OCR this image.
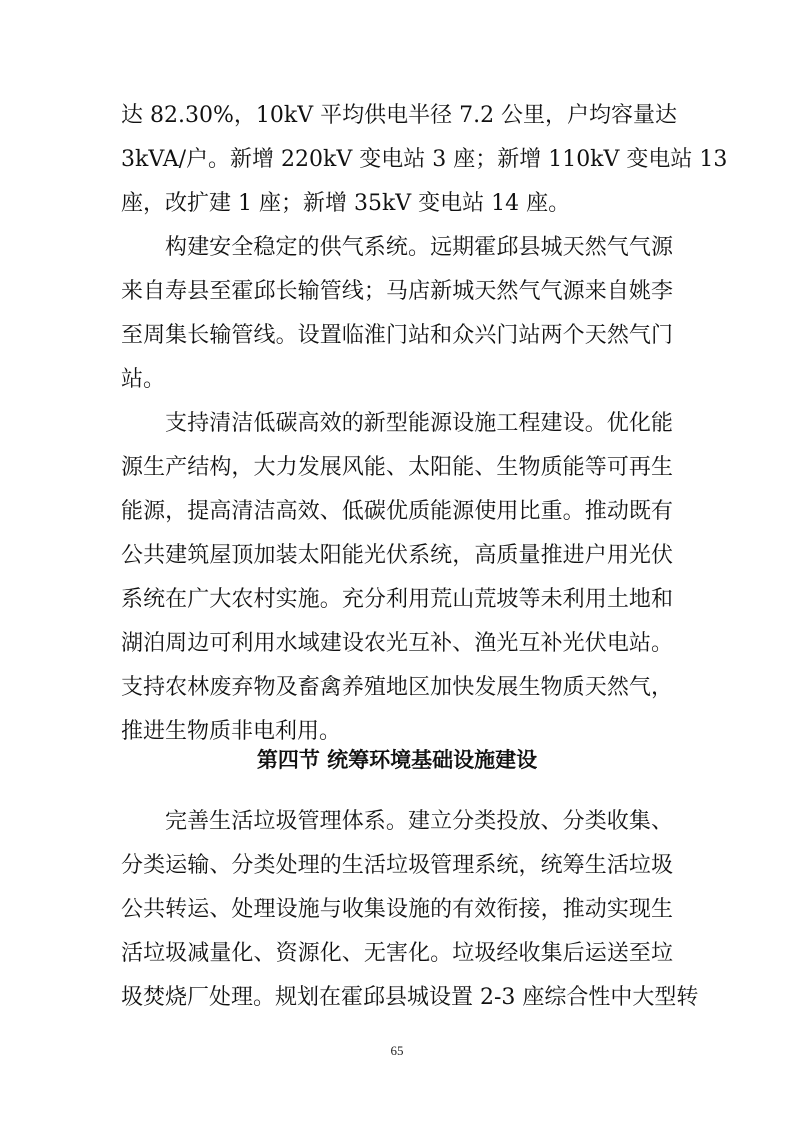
达 82.30%，10kV 平均供电半径 7.2 公里，户均容量达
3kVA/户。新增 220kV 变电站 3 座；新增 110kV 变电站 13
座，改扩建 1 座；新增 35kV 变电站 14 座。
构建安全稳定的供气系统。远期霍邱县城天然气气源
来自寿县至霍邱长输管线；马店新城天然气气源来自姚李
至周集长输管线。设置临淮门站和众兴门站两个天然气门
站。
支持清洁低碳高效的新型能源设施工程建设。优化能
源生产结构，大力发展风能、太阳能、生物质能等可再生
能源，提高清洁高效、低碳优质能源使用比重。推动既有
公共建筑屋顶加装太阳能光伏系统，高质量推进户用光伏
系统在广大农村实施。充分利用荒山荒坡等未利用土地和
湖泊周边可利用水域建设农光互补、渔光互补光伏电站。
支持农林废弃物及畜禽养殖地区加快发展生物质天然气，
推进生物质非电利用。
第四节 统筹环境基础设施建设
完善生活垃圾管理体系。建立分类投放、分类收集、
分类运输、分类处理的生活垃圾管理系统，统筹生活垃圾
公共转运、处理设施与收集设施的有效衔接，推动实现生
活垃圾减量化、资源化、无害化。垃圾经收集后运送至垃
圾焚烧厂处理。规划在霍邱县城设置 2-3 座综合性中大型转
65
